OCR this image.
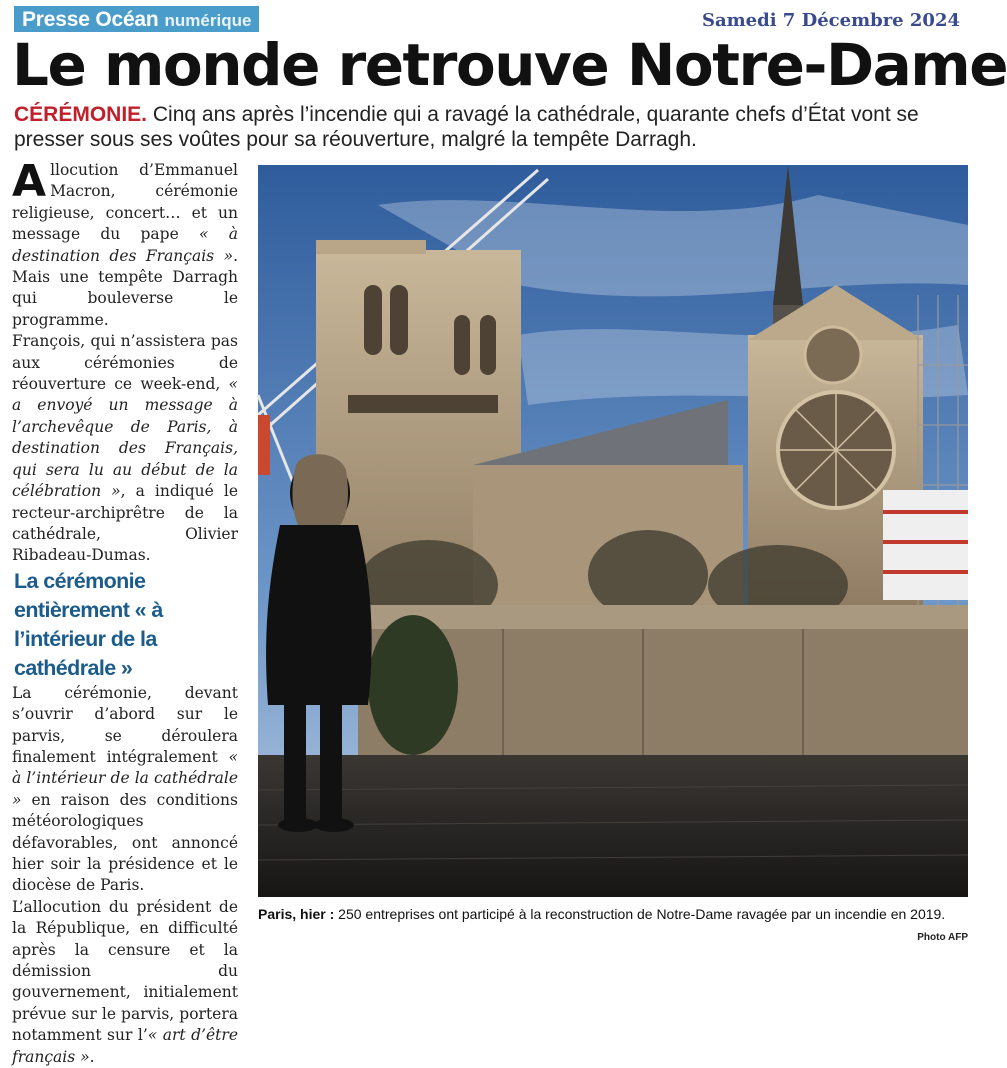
Presse Océan numérique	Samedi 7 Décembre 2024
Le monde retrouve Notre-Dame
CÉRÉMONIE. Cinq ans après l’incendie qui a ravagé la cathédrale, quarante chefs d’État vont se presser sous ses voûtes pour sa réouverture, malgré la tempête Darragh.

Allocution d’Emmanuel Macron, cérémonie religieuse, concert… et un message du pape « à destination des Français ». Mais une tempête Darragh qui bouleverse le programme.

François, qui n’assistera pas aux cérémonies de réouverture ce week-end, « a envoyé un message à l’archevêque de Paris, à destination des Français, qui sera lu au début de la célébration », a indiqué le recteur-archiprêtre de la cathédrale, Olivier Ribadeau-Dumas.

La cérémonie entièrement « à l’intérieur de la cathédrale »

La cérémonie, devant s’ouvrir d’abord sur le parvis, se déroulera finalement intégralement « à l’intérieur de la cathédrale » en raison des conditions météorologiques défavorables, ont annoncé hier soir la présidence et le diocèse de Paris.

L’allocution du président de la République, en difficulté après la censure et la démission du gouvernement, initialement prévue sur le parvis, portera notamment sur l’« art d’être français ».

Paris, hier : 250 entreprises ont participé à la reconstruction de Notre-Dame ravagée par un incendie en 2019.
Photo AFP
